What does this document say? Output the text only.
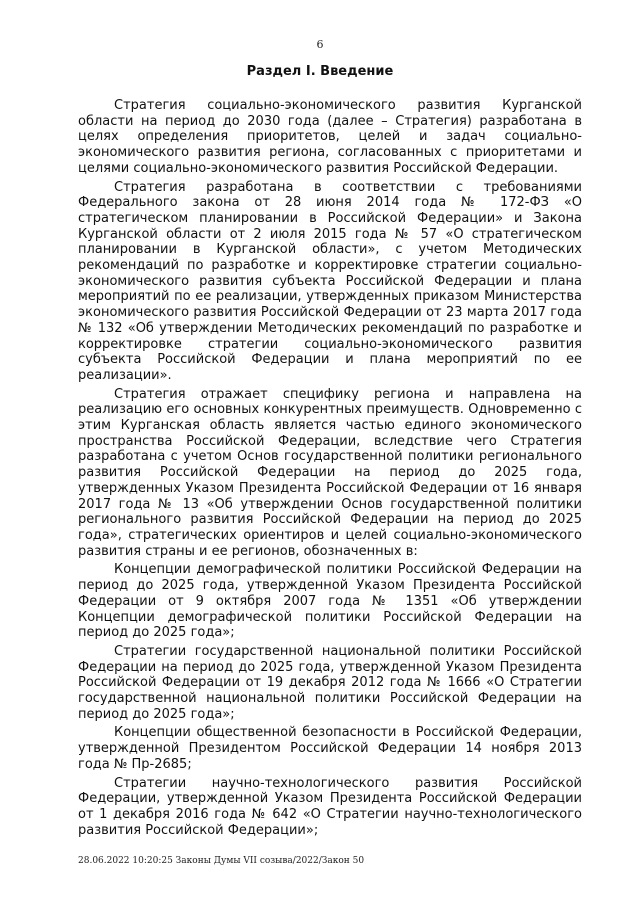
6
Раздел I. Введение

Стратегия социально-экономического развития Курганской области на период до 2030 года (далее – Стратегия) разработана в целях определения приоритетов, целей и задач социально-экономического развития региона, согласованных с приоритетами и целями социально-экономического развития Российской Федерации.

Стратегия разработана в соответствии с требованиями Федерального закона от 28 июня 2014 года № 172-ФЗ «О стратегическом планировании в Российской Федерации» и Закона Курганской области от 2 июля 2015 года № 57 «О стратегическом планировании в Курганской области», с учетом Методических рекомендаций по разработке и корректировке стратегии социально-экономического развития субъекта Российской Федерации и плана мероприятий по ее реализации, утвержденных приказом Министерства экономического развития Российской Федерации от 23 марта 2017 года № 132 «Об утверждении Методических рекомендаций по разработке и корректировке стратегии социально-экономического развития субъекта Российской Федерации и плана мероприятий по ее реализации».

Стратегия отражает специфику региона и направлена на реализацию его основных конкурентных преимуществ. Одновременно с этим Курганская область является частью единого экономического пространства Российской Федерации, вследствие чего Стратегия разработана с учетом Основ государственной политики регионального развития Российской Федерации на период до 2025 года, утвержденных Указом Президента Российской Федерации от 16 января 2017 года № 13 «Об утверждении Основ государственной политики регионального развития Российской Федерации на период до 2025 года», стратегических ориентиров и целей социально-экономического развития страны и ее регионов, обозначенных в:

Концепции демографической политики Российской Федерации на период до 2025 года, утвержденной Указом Президента Российской Федерации от 9 октября 2007 года № 1351 «Об утверждении Концепции демографической политики Российской Федерации на период до 2025 года»;

Стратегии государственной национальной политики Российской Федерации на период до 2025 года, утвержденной Указом Президента Российской Федерации от 19 декабря 2012 года № 1666 «О Стратегии государственной национальной политики Российской Федерации на период до 2025 года»;

Концепции общественной безопасности в Российской Федерации, утвержденной Президентом Российской Федерации 14 ноября 2013 года № Пр-2685;

Стратегии научно-технологического развития Российской Федерации, утвержденной Указом Президента Российской Федерации от 1 декабря 2016 года № 642 «О Стратегии научно-технологического развития Российской Федерации»;

28.06.2022 10:20:25 Законы Думы VII созыва/2022/Закон 50
